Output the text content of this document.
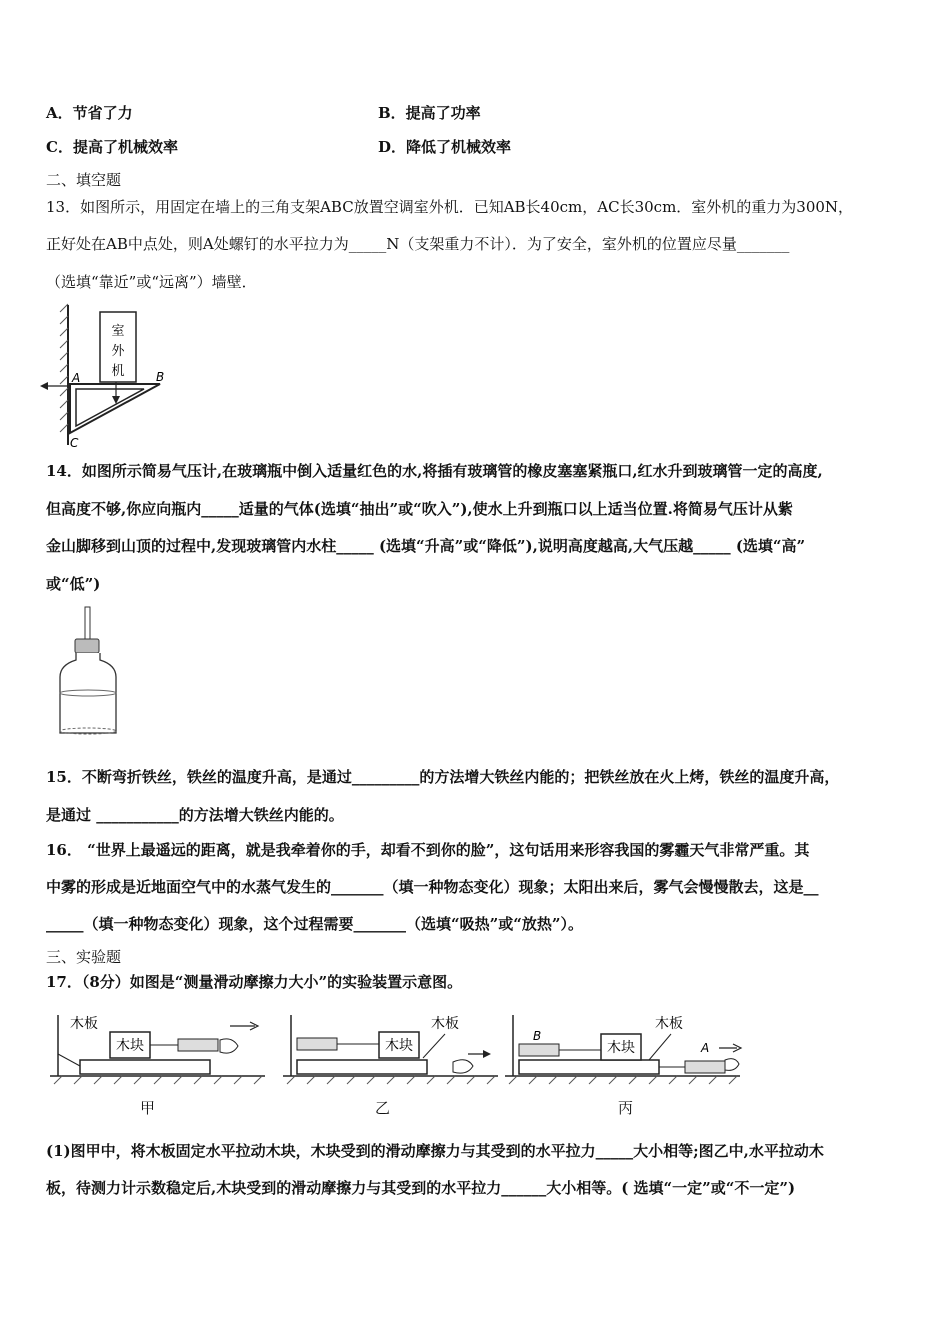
A．节省了力	B．提高了功率
C．提高了机械效率	D．降低了机械效率
二、填空题
13．如图所示，用固定在墙上的三角支架ABC放置空调室外机．已知AB长40cm，AC长30cm．室外机的重力为300N，
正好处在AB中点处，则A处螺钉的水平拉力为_____N（支架重力不计）．为了安全，室外机的位置应尽量_______
（选填“靠近”或“远离”）墙壁．
室
外
机
A	B
C
14．如图所示简易气压计,在玻璃瓶中倒入适量红色的水,将插有玻璃管的橡皮塞塞紧瓶口,红水升到玻璃管一定的高度,
但高度不够,你应向瓶内_____适量的气体(选填“抽出”或“吹入”),使水上升到瓶口以上适当位置.将简易气压计从紫
金山脚移到山顶的过程中,发现玻璃管内水柱_____ (选填“升高”或“降低”),说明高度越高,大气压越_____ (选填“高”
或“低”)
15．不断弯折铁丝，铁丝的温度升高，是通过_________的方法增大铁丝内能的；把铁丝放在火上烤，铁丝的温度升高，
是通过 ___________的方法增大铁丝内能的。
16． “世界上最遥远的距离，就是我牵着你的手，却看不到你的脸”，这句话用来形容我国的雾霾天气非常严重。其
中雾的形成是近地面空气中的水蒸气发生的_______（填一种物态变化）现象；太阳出来后，雾气会慢慢散去，这是__
_____（填一种物态变化）现象，这个过程需要_______（选填“吸热”或“放热”）。
三、实验题
17．（8分）如图是“测量滑动摩擦力大小”的实验装置示意图。
木板
木块	木块
木板
B
木块
木板
A
甲	乙	丙
(1)图甲中，将木板固定水平拉动木块，木块受到的滑动摩擦力与其受到的水平拉力_____大小相等;图乙中,水平拉动木
板，待测力计示数稳定后,木块受到的滑动摩擦力与其受到的水平拉力______大小相等。( 选填“一定”或“不一定”)
